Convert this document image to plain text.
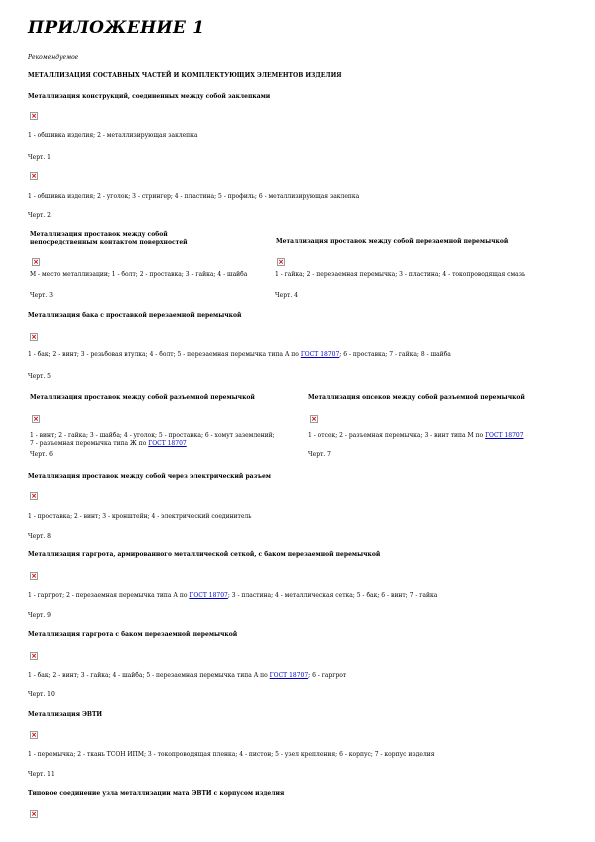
ПРИЛОЖЕНИЕ 1
Рекомендуемое
МЕТАЛЛИЗАЦИЯ СОСТАВНЫХ ЧАСТЕЙ И КОМПЛЕКТУЮЩИХ ЭЛЕМЕНТОВ ИЗДЕЛИЯ
Металлизация конструкций, соединенных между собой заклепками
×
1 - обшивка изделия; 2 - металлизирующая заклепка
Черт. 1
×
1 - обшивка изделия; 2 - уголок; 3 - стрингер; 4 - пластина; 5 - профиль; 6 - металлизирующая заклепка
Черт. 2
Металлизация проставок между собой непосредственным контактом поверхностей
×
М - место металлизации; 1 - болт; 2 - проставка; 3 - гайка; 4 - шайба
Черт. 3
Металлизация проставок между собой перезаемной перемычкой
×
1 - гайка; 2 - перезаемная перемычка; 3 - пластина; 4 - токопроводящая смазь
Черт. 4
Металлизация бака с проставкой перезаемной перемычкой
×
1 - бак; 2 - винт; 3 - резьбовая втулка; 4 - болт; 5 - перезаемная перемычка типа А по ГОСТ 18707; 6 - проставка; 7 - гайка; 8 - шайба
Черт. 5
Металлизация проставок между собой разъемной перемычкой
×
1 - винт; 2 - гайка; 3 - шайба; 4 - уголок; 5 - проставка; 6 - хомут заземлений; 7 - разъемная перемычка типа Ж по ГОСТ 18707
Черт. 6
Металлизация опсеков между собой разъемной перемычкой
×
1 - отсек; 2 - разъемная перемычка; 3 - винт типа М по ГОСТ 18707
Черт. 7
Металлизация проставок между собой через электрический разъем
×
1 - проставка; 2 - винт; 3 - кронштейн; 4 - электрический соединитель
Черт. 8
Металлизация гаргрота, армированного металлической сеткой, с баком перезаемной перемычкой
×
1 - гаргрот; 2 - перезаемная перемычка типа А по ГОСТ 18707; 3 - пластина; 4 - металлическая сетка; 5 - бак; 6 - винт; 7 - гайка
Черт. 9
Металлизация гаргрота с баком перезаемной перемычкой
×
1 - бак; 2 - винт; 3 - гайка; 4 - шайба; 5 - перезаемная перемычка типа А по ГОСТ 18707; 6 - гаргрот
Черт. 10
Металлизация ЭВТИ
×
1 - перемычка; 2 - ткань ТСОН ИПМ; 3 - токопроводящая пленка; 4 - пистон; 5 - узел крепления; 6 - корпус; 7 - корпус изделия
Черт. 11
Типовое соединение узла металлизации мата ЭВТИ с корпусом изделия
×
